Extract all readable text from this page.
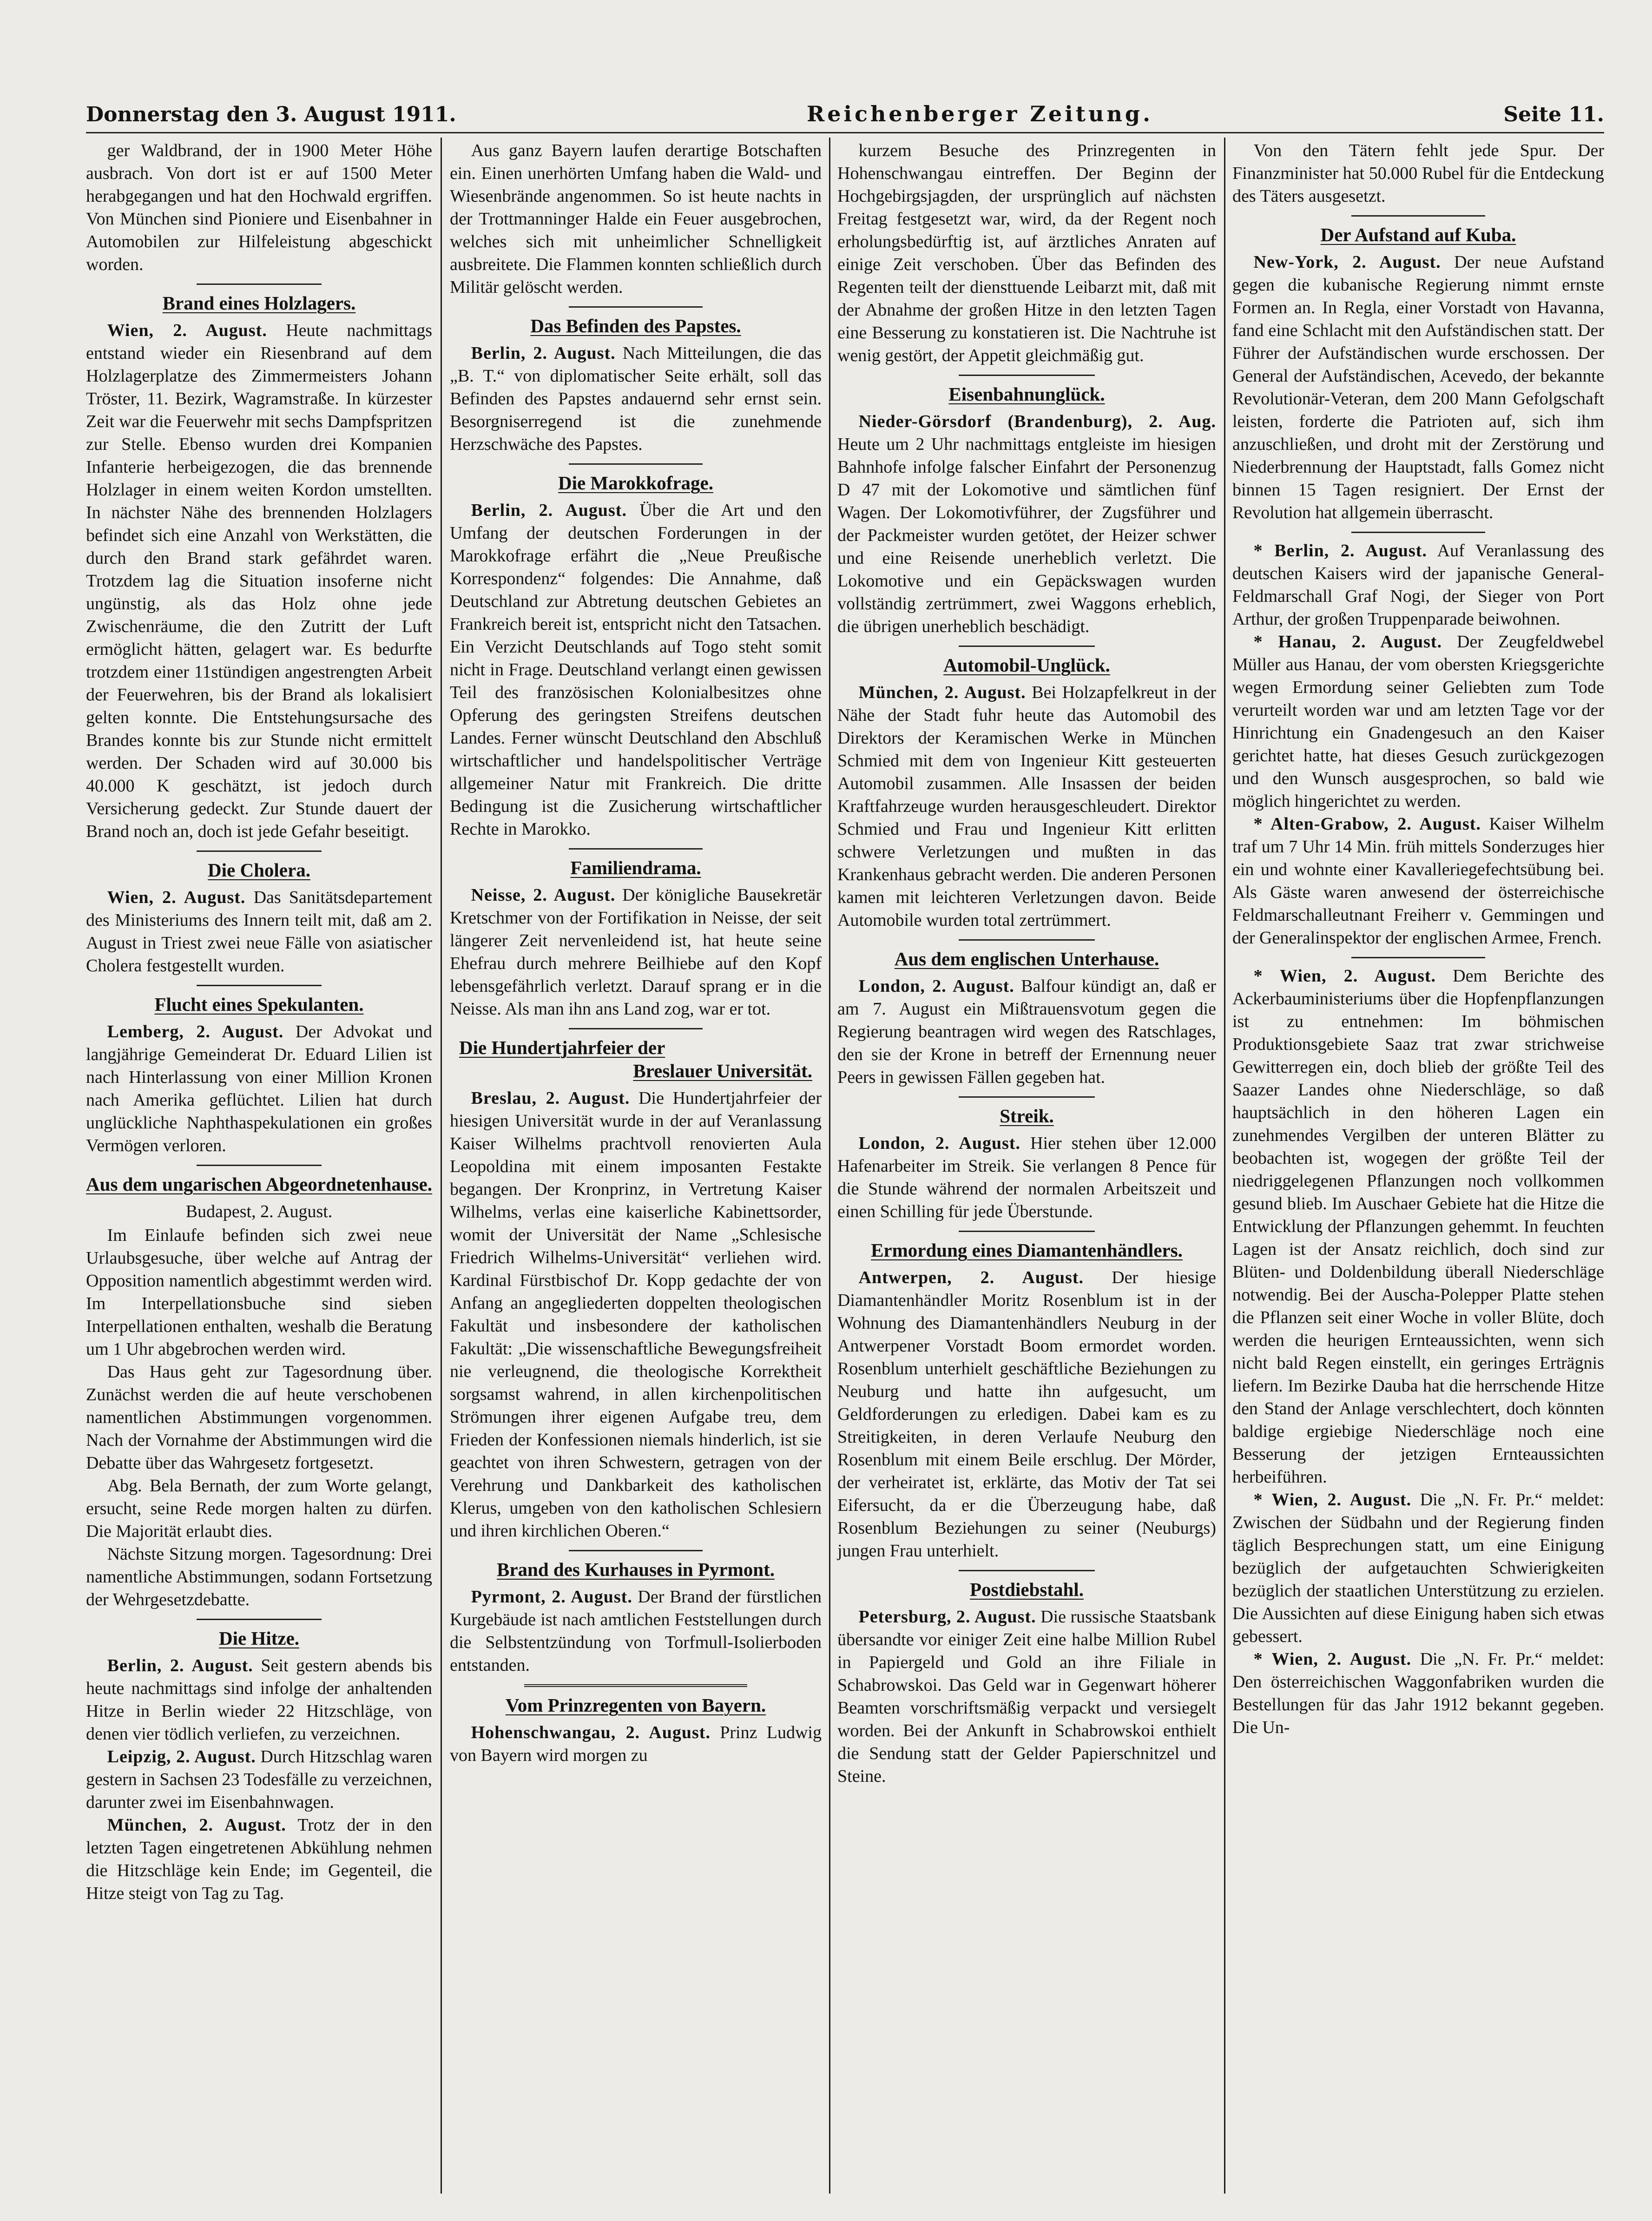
Donnerstag den 3. August 1911.	Reichenberger Zeitung.	Seite 11.

ger Waldbrand, der in 1900 Meter Höhe ausbrach. Von dort ist er auf 1500 Meter herabgegangen und hat den Hochwald ergriffen. Von München sind Pioniere und Eisenbahner in Automobilen zur Hilfeleistung abgeschickt worden.

Brand eines Holzlagers.

Wien, 2. August. Heute nachmittags entstand wieder ein Riesenbrand auf dem Holzlagerplatze des Zimmermeisters Johann Tröster, 11. Bezirk, Wagramstraße. In kürzester Zeit war die Feuerwehr mit sechs Dampfspritzen zur Stelle. Ebenso wurden drei Kompanien Infanterie herbeigezogen, die das brennende Holzlager in einem weiten Kordon umstellten. In nächster Nähe des brennenden Holzlagers befindet sich eine Anzahl von Werkstätten, die durch den Brand stark gefährdet waren. Trotzdem lag die Situation insoferne nicht ungünstig, als das Holz ohne jede Zwischenräume, die den Zutritt der Luft ermöglicht hätten, gelagert war. Es bedurfte trotzdem einer 11stündigen angestrengten Arbeit der Feuerwehren, bis der Brand als lokalisiert gelten konnte. Die Entstehungsursache des Brandes konnte bis zur Stunde nicht ermittelt werden. Der Schaden wird auf 30.000 bis 40.000 K geschätzt, ist jedoch durch Versicherung gedeckt. Zur Stunde dauert der Brand noch an, doch ist jede Gefahr beseitigt.

Die Cholera.

Wien, 2. August. Das Sanitätsdepartement des Ministeriums des Innern teilt mit, daß am 2. August in Triest zwei neue Fälle von asiatischer Cholera festgestellt wurden.

Flucht eines Spekulanten.

Lemberg, 2. August. Der Advokat und langjährige Gemeinderat Dr. Eduard Lilien ist nach Hinterlassung von einer Million Kronen nach Amerika geflüchtet. Lilien hat durch unglückliche Naphthaspekulationen ein großes Vermögen verloren.

Aus dem ungarischen Abgeordnetenhause.

Budapest, 2. August.

Im Einlaufe befinden sich zwei neue Urlaubsgesuche, über welche auf Antrag der Opposition namentlich abgestimmt werden wird. Im Interpellationsbuche sind sieben Interpellationen enthalten, weshalb die Beratung um 1 Uhr abgebrochen werden wird.

Das Haus geht zur Tagesordnung über. Zunächst werden die auf heute verschobenen namentlichen Abstimmungen vorgenommen. Nach der Vornahme der Abstimmungen wird die Debatte über das Wahrgesetz fortgesetzt.

Abg. Bela Bernath, der zum Worte gelangt, ersucht, seine Rede morgen halten zu dürfen. Die Majorität erlaubt dies.

Nächste Sitzung morgen. Tagesordnung: Drei namentliche Abstimmungen, sodann Fortsetzung der Wehrgesetzdebatte.

Die Hitze.

Berlin, 2. August. Seit gestern abends bis heute nachmittags sind infolge der anhaltenden Hitze in Berlin wieder 22 Hitzschläge, von denen vier tödlich verliefen, zu verzeichnen.

Leipzig, 2. August. Durch Hitzschlag waren gestern in Sachsen 23 Todesfälle zu verzeichnen, darunter zwei im Eisenbahnwagen.

München, 2. August. Trotz der in den letzten Tagen eingetretenen Abkühlung nehmen die Hitzschläge kein Ende; im Gegenteil, die Hitze steigt von Tag zu Tag.

Aus ganz Bayern laufen derartige Botschaften ein. Einen unerhörten Umfang haben die Wald- und Wiesenbrände angenommen. So ist heute nachts in der Trottmanninger Halde ein Feuer ausgebrochen, welches sich mit unheimlicher Schnelligkeit ausbreitete. Die Flammen konnten schließlich durch Militär gelöscht werden.

Das Befinden des Papstes.

Berlin, 2. August. Nach Mitteilungen, die das „B. T.“ von diplomatischer Seite erhält, soll das Befinden des Papstes andauernd sehr ernst sein. Besorgniserregend ist die zunehmende Herzschwäche des Papstes.

Die Marokkofrage.

Berlin, 2. August. Über die Art und den Umfang der deutschen Forderungen in der Marokkofrage erfährt die „Neue Preußische Korrespondenz“ folgendes: Die Annahme, daß Deutschland zur Abtretung deutschen Gebietes an Frankreich bereit ist, entspricht nicht den Tatsachen. Ein Verzicht Deutschlands auf Togo steht somit nicht in Frage. Deutschland verlangt einen gewissen Teil des französischen Kolonialbesitzes ohne Opferung des geringsten Streifens deutschen Landes. Ferner wünscht Deutschland den Abschluß wirtschaftlicher und handelspolitischer Verträge allgemeiner Natur mit Frankreich. Die dritte Bedingung ist die Zusicherung wirtschaftlicher Rechte in Marokko.

Familiendrama.

Neisse, 2. August. Der königliche Bausekretär Kretschmer von der Fortifikation in Neisse, der seit längerer Zeit nervenleidend ist, hat heute seine Ehefrau durch mehrere Beilhiebe auf den Kopf lebensgefährlich verletzt. Darauf sprang er in die Neisse. Als man ihn ans Land zog, war er tot.

Die Hundertjahrfeier der
Breslauer Universität.

Breslau, 2. August. Die Hundertjahrfeier der hiesigen Universität wurde in der auf Veranlassung Kaiser Wilhelms prachtvoll renovierten Aula Leopoldina mit einem imposanten Festakte begangen. Der Kronprinz, in Vertretung Kaiser Wilhelms, verlas eine kaiserliche Kabinettsorder, womit der Universität der Name „Schlesische Friedrich Wilhelms-Universität“ verliehen wird. Kardinal Fürstbischof Dr. Kopp gedachte der von Anfang an angegliederten doppelten theologischen Fakultät und insbesondere der katholischen Fakultät: „Die wissenschaftliche Bewegungsfreiheit nie verleugnend, die theologische Korrektheit sorgsamst wahrend, in allen kirchenpolitischen Strömungen ihrer eigenen Aufgabe treu, dem Frieden der Konfessionen niemals hinderlich, ist sie geachtet von ihren Schwestern, getragen von der Verehrung und Dankbarkeit des katholischen Klerus, umgeben von den katholischen Schlesiern und ihren kirchlichen Oberen.“

Brand des Kurhauses in Pyrmont.

Pyrmont, 2. August. Der Brand der fürstlichen Kurgebäude ist nach amtlichen Feststellungen durch die Selbstentzündung von Torfmull-Isolierboden entstanden.

Vom Prinzregenten von Bayern.

Hohenschwangau, 2. August. Prinz Ludwig von Bayern wird morgen zu

kurzem Besuche des Prinzregenten in Hohenschwangau eintreffen. Der Beginn der Hochgebirgsjagden, der ursprünglich auf nächsten Freitag festgesetzt war, wird, da der Regent noch erholungsbedürftig ist, auf ärztliches Anraten auf einige Zeit verschoben. Über das Befinden des Regenten teilt der diensttuende Leibarzt mit, daß mit der Abnahme der großen Hitze in den letzten Tagen eine Besserung zu konstatieren ist. Die Nachtruhe ist wenig gestört, der Appetit gleichmäßig gut.

Eisenbahnunglück.

Nieder-Görsdorf (Brandenburg), 2. Aug. Heute um 2 Uhr nachmittags entgleiste im hiesigen Bahnhofe infolge falscher Einfahrt der Personenzug D 47 mit der Lokomotive und sämtlichen fünf Wagen. Der Lokomotivführer, der Zugsführer und der Packmeister wurden getötet, der Heizer schwer und eine Reisende unerheblich verletzt. Die Lokomotive und ein Gepäckswagen wurden vollständig zertrümmert, zwei Waggons erheblich, die übrigen unerheblich beschädigt.

Automobil-Unglück.

München, 2. August. Bei Holzapfelkreut in der Nähe der Stadt fuhr heute das Automobil des Direktors der Keramischen Werke in München Schmied mit dem von Ingenieur Kitt gesteuerten Automobil zusammen. Alle Insassen der beiden Kraftfahrzeuge wurden herausgeschleudert. Direktor Schmied und Frau und Ingenieur Kitt erlitten schwere Verletzungen und mußten in das Krankenhaus gebracht werden. Die anderen Personen kamen mit leichteren Verletzungen davon. Beide Automobile wurden total zertrümmert.

Aus dem englischen Unterhause.

London, 2. August. Balfour kündigt an, daß er am 7. August ein Mißtrauensvotum gegen die Regierung beantragen wird wegen des Ratschlages, den sie der Krone in betreff der Ernennung neuer Peers in gewissen Fällen gegeben hat.

Streik.

London, 2. August. Hier stehen über 12.000 Hafenarbeiter im Streik. Sie verlangen 8 Pence für die Stunde während der normalen Arbeitszeit und einen Schilling für jede Überstunde.

Ermordung eines Diamantenhändlers.

Antwerpen, 2. August. Der hiesige Diamantenhändler Moritz Rosenblum ist in der Wohnung des Diamantenhändlers Neuburg in der Antwerpener Vorstadt Boom ermordet worden. Rosenblum unterhielt geschäftliche Beziehungen zu Neuburg und hatte ihn aufgesucht, um Geldforderungen zu erledigen. Dabei kam es zu Streitigkeiten, in deren Verlaufe Neuburg den Rosenblum mit einem Beile erschlug. Der Mörder, der verheiratet ist, erklärte, das Motiv der Tat sei Eifersucht, da er die Überzeugung habe, daß Rosenblum Beziehungen zu seiner (Neuburgs) jungen Frau unterhielt.

Postdiebstahl.

Petersburg, 2. August. Die russische Staatsbank übersandte vor einiger Zeit eine halbe Million Rubel in Papiergeld und Gold an ihre Filiale in Schabrowskoi. Das Geld war in Gegenwart höherer Beamten vorschriftsmäßig verpackt und versiegelt worden. Bei der Ankunft in Schabrowskoi enthielt die Sendung statt der Gelder Papierschnitzel und Steine.

Von den Tätern fehlt jede Spur. Der Finanzminister hat 50.000 Rubel für die Entdeckung des Täters ausgesetzt.

Der Aufstand auf Kuba.

New-York, 2. August. Der neue Aufstand gegen die kubanische Regierung nimmt ernste Formen an. In Regla, einer Vorstadt von Havanna, fand eine Schlacht mit den Aufständischen statt. Der Führer der Aufständischen wurde erschossen. Der General der Aufständischen, Acevedo, der bekannte Revolutionär-Veteran, dem 200 Mann Gefolgschaft leisten, forderte die Patrioten auf, sich ihm anzuschließen, und droht mit der Zerstörung und Niederbrennung der Hauptstadt, falls Gomez nicht binnen 15 Tagen resigniert. Der Ernst der Revolution hat allgemein überrascht.

* Berlin, 2. August. Auf Veranlassung des deutschen Kaisers wird der japanische General-Feldmarschall Graf Nogi, der Sieger von Port Arthur, der großen Truppenparade beiwohnen.

* Hanau, 2. August. Der Zeugfeldwebel Müller aus Hanau, der vom obersten Kriegsgerichte wegen Ermordung seiner Geliebten zum Tode verurteilt worden war und am letzten Tage vor der Hinrichtung ein Gnadengesuch an den Kaiser gerichtet hatte, hat dieses Gesuch zurückgezogen und den Wunsch ausgesprochen, so bald wie möglich hingerichtet zu werden.

* Alten-Grabow, 2. August. Kaiser Wilhelm traf um 7 Uhr 14 Min. früh mittels Sonderzuges hier ein und wohnte einer Kavalleriegefechtsübung bei. Als Gäste waren anwesend der österreichische Feldmarschalleutnant Freiherr v. Gemmingen und der Generalinspektor der englischen Armee, French.

* Wien, 2. August. Dem Berichte des Ackerbauministeriums über die Hopfenpflanzungen ist zu entnehmen: Im böhmischen Produktionsgebiete Saaz trat zwar strichweise Gewitterregen ein, doch blieb der größte Teil des Saazer Landes ohne Niederschläge, so daß hauptsächlich in den höheren Lagen ein zunehmendes Vergilben der unteren Blätter zu beobachten ist, wogegen der größte Teil der niedriggelegenen Pflanzungen noch vollkommen gesund blieb. Im Auschaer Gebiete hat die Hitze die Entwicklung der Pflanzungen gehemmt. In feuchten Lagen ist der Ansatz reichlich, doch sind zur Blüten- und Doldenbildung überall Niederschläge notwendig. Bei der Auscha-Polepper Platte stehen die Pflanzen seit einer Woche in voller Blüte, doch werden die heurigen Ernteaussichten, wenn sich nicht bald Regen einstellt, ein geringes Erträgnis liefern. Im Bezirke Dauba hat die herrschende Hitze den Stand der Anlage verschlechtert, doch könnten baldige ergiebige Niederschläge noch eine Besserung der jetzigen Ernteaussichten herbeiführen.

* Wien, 2. August. Die „N. Fr. Pr.“ meldet: Zwischen der Südbahn und der Regierung finden täglich Besprechungen statt, um eine Einigung bezüglich der aufgetauchten Schwierigkeiten bezüglich der staatlichen Unterstützung zu erzielen. Die Aussichten auf diese Einigung haben sich etwas gebessert.

* Wien, 2. August. Die „N. Fr. Pr.“ meldet: Den österreichischen Waggonfabriken wurden die Bestellungen für das Jahr 1912 bekannt gegeben. Die Un-
